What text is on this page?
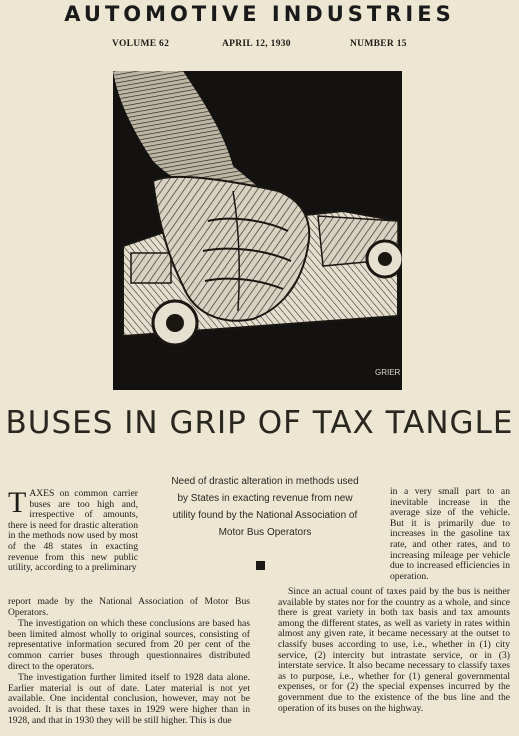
AUTOMOTIVE INDUSTRIES
VOLUME 62	APRIL 12, 1930	NUMBER 15
GRIER
BUSES IN GRIP OF TAX TANGLE
Need of drastic alteration in methods used by States in exacting revenue from new utility found by the National Association of Motor Bus Operators

TAXES on common carrier buses are too high and, irrespective of amounts, there is need for drastic alteration in the methods now used by most of the 48 states in exacting revenue from this new public utility, according to a preliminary

report made by the National Association of Motor Bus Operators.
The investigation on which these conclusions are based has been limited almost wholly to original sources, consisting of representative information secured from 20 per cent of the common carrier buses through questionnaires distributed direct to the operators.
The investigation further limited itself to 1928 data alone. Earlier material is out of date. Later material is not yet available. One incidental conclusion, however, may not be avoided. It is that these taxes in 1929 were higher than in 1928, and that in 1930 they will be still higher. This is due

in a very small part to an inevitable increase in the average size of the vehicle. But it is primarily due to increases in the gasoline tax rate, and other rates, and to increasing mileage per vehicle due to increased efficiencies in operation.

Since an actual count of taxes paid by the bus is neither available by states nor for the country as a whole, and since there is great variety in both tax basis and tax amounts among the different states, as well as variety in rates within almost any given rate, it became necessary at the outset to classify buses according to use, i.e., whether in (1) city service, (2) intercity but intrastate service, or in (3) interstate service. It also became necessary to classify taxes as to purpose, i.e., whether for (1) general governmental expenses, or for (2) the special expenses incurred by the government due to the existence of the bus line and the operation of its buses on the highway.
